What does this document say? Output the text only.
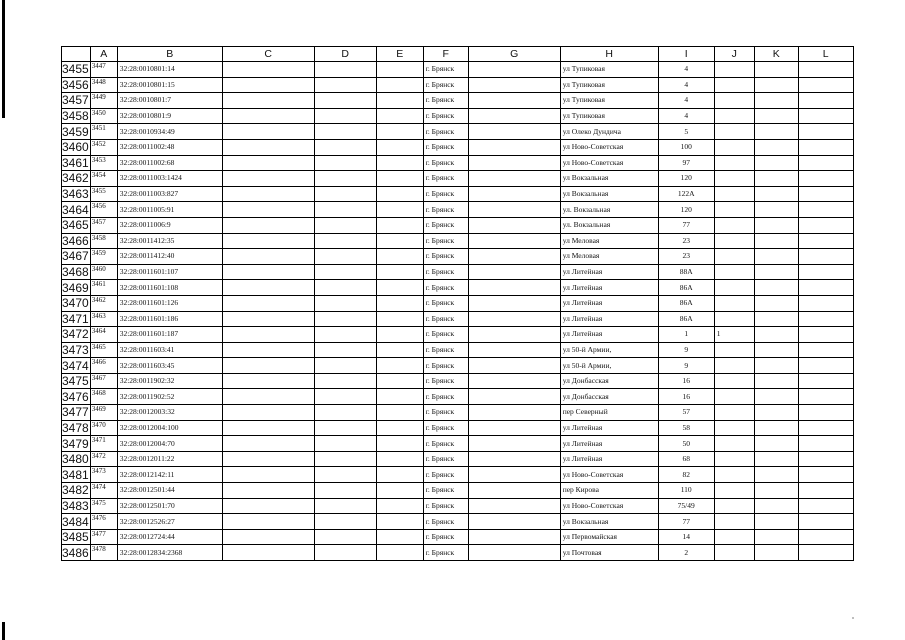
	A	B	C	D	E	F	G	H	I	J	K	L
3455	3447	32:28:0010801:14				г. Брянск		ул Тупиковая	4			
3456	3448	32:28:0010801:15				г. Брянск		ул Тупиковая	4			
3457	3449	32:28:0010801:7				г. Брянск		ул Тупиковая	4			
3458	3450	32:28:0010801:9				г. Брянск		ул Тупиковая	4			
3459	3451	32:28:0010934:49				г. Брянск		ул Олеко Дундича	5			
3460	3452	32:28:0011002:48				г. Брянск		ул Ново-Советская	100			
3461	3453	32:28:0011002:68				г. Брянск		ул Ново-Советская	97			
3462	3454	32:28:0011003:1424				г. Брянск		ул Вокзальная	120			
3463	3455	32:28:0011003:827				г. Брянск		ул Вокзальная	122А			
3464	3456	32:28:0011005:91				г. Брянск		ул. Вокзальная	120			
3465	3457	32:28:0011006:9				г. Брянск		ул. Вокзальная	77			
3466	3458	32:28:0011412:35				г. Брянск		ул Меловая	23			
3467	3459	32:28:0011412:40				г. Брянск		ул Меловая	23			
3468	3460	32:28:0011601:107				г. Брянск		ул Литейная	88А			
3469	3461	32:28:0011601:108				г. Брянск		ул Литейная	86А			
3470	3462	32:28:0011601:126				г. Брянск		ул Литейная	86А			
3471	3463	32:28:0011601:186				г. Брянск		ул Литейная	86А			
3472	3464	32:28:0011601:187				г. Брянск		ул Литейная	1	1		
3473	3465	32:28:0011603:41				г. Брянск		ул 50-й Армии,	9			
3474	3466	32:28:0011603:45				г. Брянск		ул 50-й Армии,	9			
3475	3467	32:28:0011902:32				г. Брянск		ул Донбасская	16			
3476	3468	32:28:0011902:52				г. Брянск		ул Донбасская	16			
3477	3469	32:28:0012003:32				г. Брянск		пер Северный	57			
3478	3470	32:28:0012004:100				г. Брянск		ул Литейная	58			
3479	3471	32:28:0012004:70				г. Брянск		ул Литейная	50			
3480	3472	32:28:0012011:22				г. Брянск		ул Литейная	68			
3481	3473	32:28:0012142:11				г. Брянск		ул Ново-Советская	82			
3482	3474	32:28:0012501:44				г. Брянск		пер Кирова	110			
3483	3475	32:28:0012501:70				г. Брянск		ул Ново-Советская	75/49			
3484	3476	32:28:0012526:27				г. Брянск		ул Вокзальная	77			
3485	3477	32:28:0012724:44				г. Брянск		ул Первомайская	14			
3486	3478	32:28:0012834:2368				г. Брянск		ул Почтовая	2			
